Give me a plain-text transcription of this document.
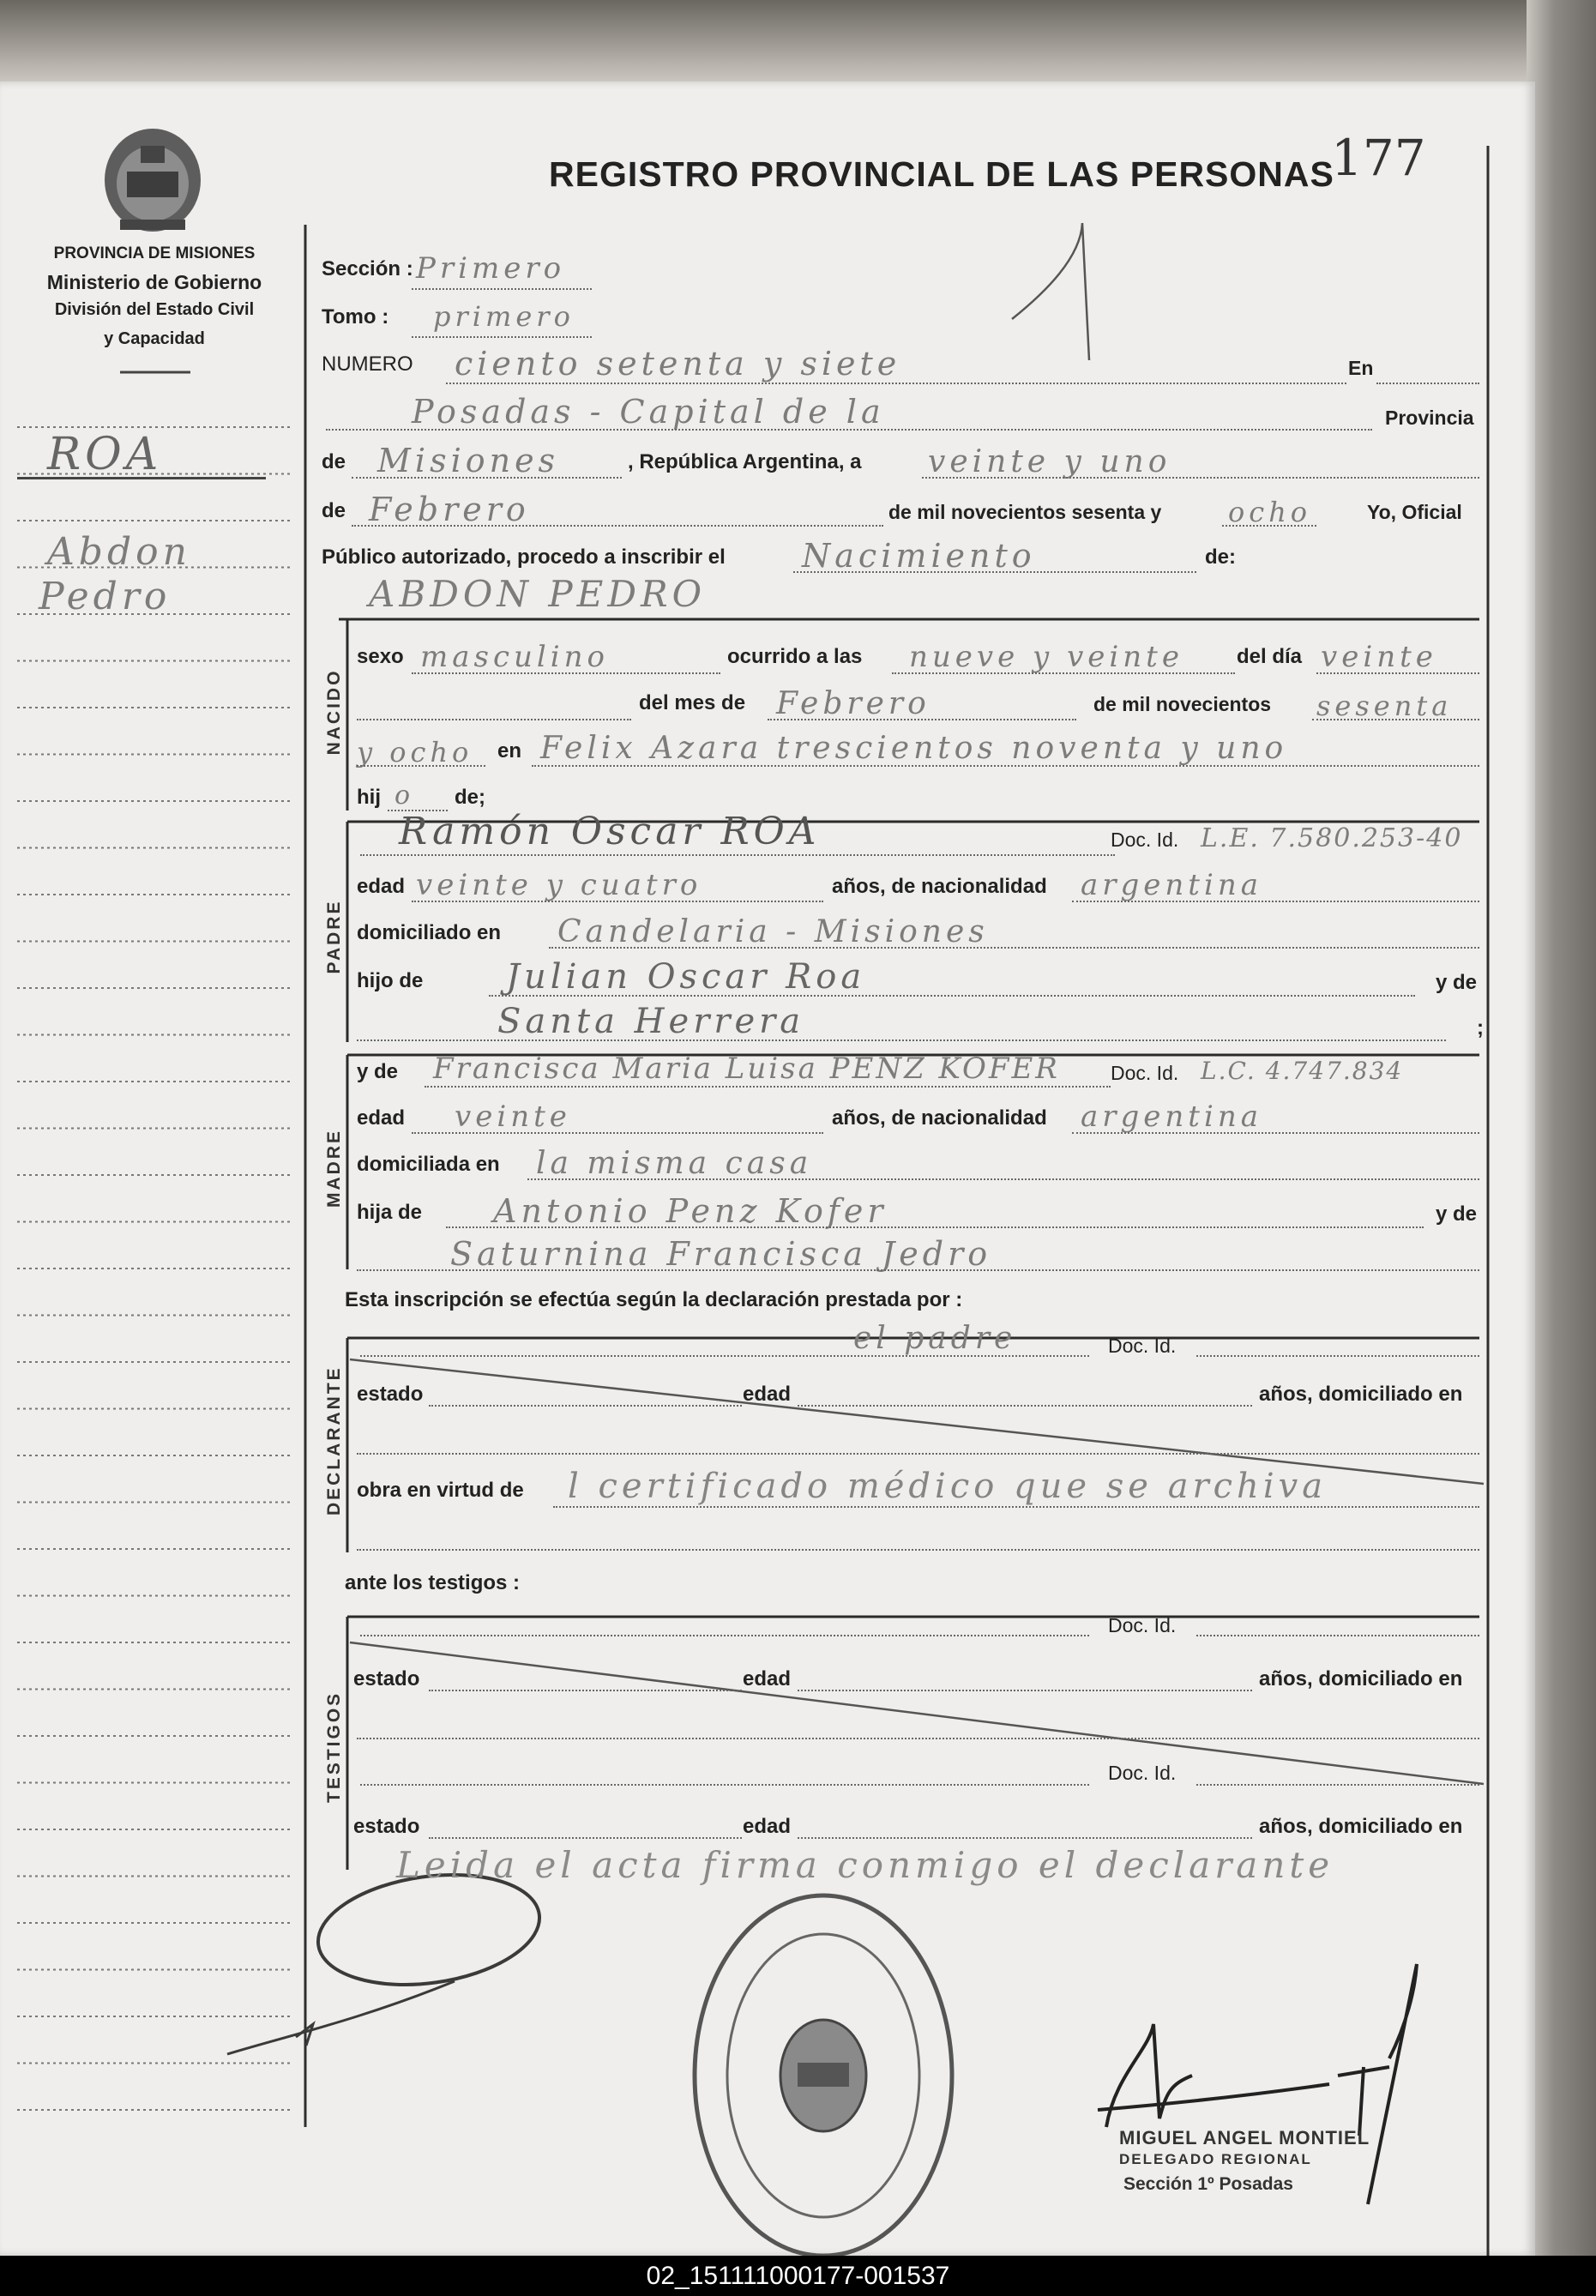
REGISTRO PROVINCIAL DE LAS PERSONAS
177
PROVINCIA DE MISIONES
Ministerio de Gobierno
División del Estado Civil
y Capacidad
ROA
Abdon
Pedro
Sección : Primero
Tomo : primero
NUMERO ciento setenta y siete	En
Posadas - Capital de la	Provincia
de Misiones	, República Argentina, a veinte y uno
de Febrero	de mil novecientos sesenta y ocho	Yo, Oficial
Público autorizado, procedo a inscribir el Nacimiento	de:
ABDON PEDRO
NACIDO
sexo masculino	ocurrido a las nueve y veinte	del día veinte
del mes de Febrero	de mil novecientos sesenta
y ocho en Felix Azara trescientos noventa y uno
hij o de;
PADRE
Ramón Oscar ROA	Doc. Id. L.E. 7.580.253-40
edad veinte y cuatro	años, de nacionalidad argentina
domiciliado en Candelaria - Misiones
hijo de Julian Oscar Roa	y de
Santa Herrera	;
MADRE
y de Francisca Maria Luisa PENZ KOFER	Doc. Id. L.C. 4.747.834
edad veinte	años, de nacionalidad argentina
domiciliada en la misma casa
hija de Antonio Penz Kofer	y de
Saturnina Francisca Jedro
Esta inscripción se efectúa según la declaración prestada por :
DECLARANTE
el padre	Doc. Id.
estado	edad	años, domiciliado en
obra en virtud de l certificado médico que se archiva
ante los testigos :
TESTIGOS
Doc. Id.
estado	edad	años, domiciliado en
Doc. Id.
estado	edad	años, domiciliado en
Leida el acta firma conmigo el declarante
MIGUEL ANGEL MONTIEL
DELEGADO REGIONAL
Sección 1º Posadas
02_151111000177-001537
